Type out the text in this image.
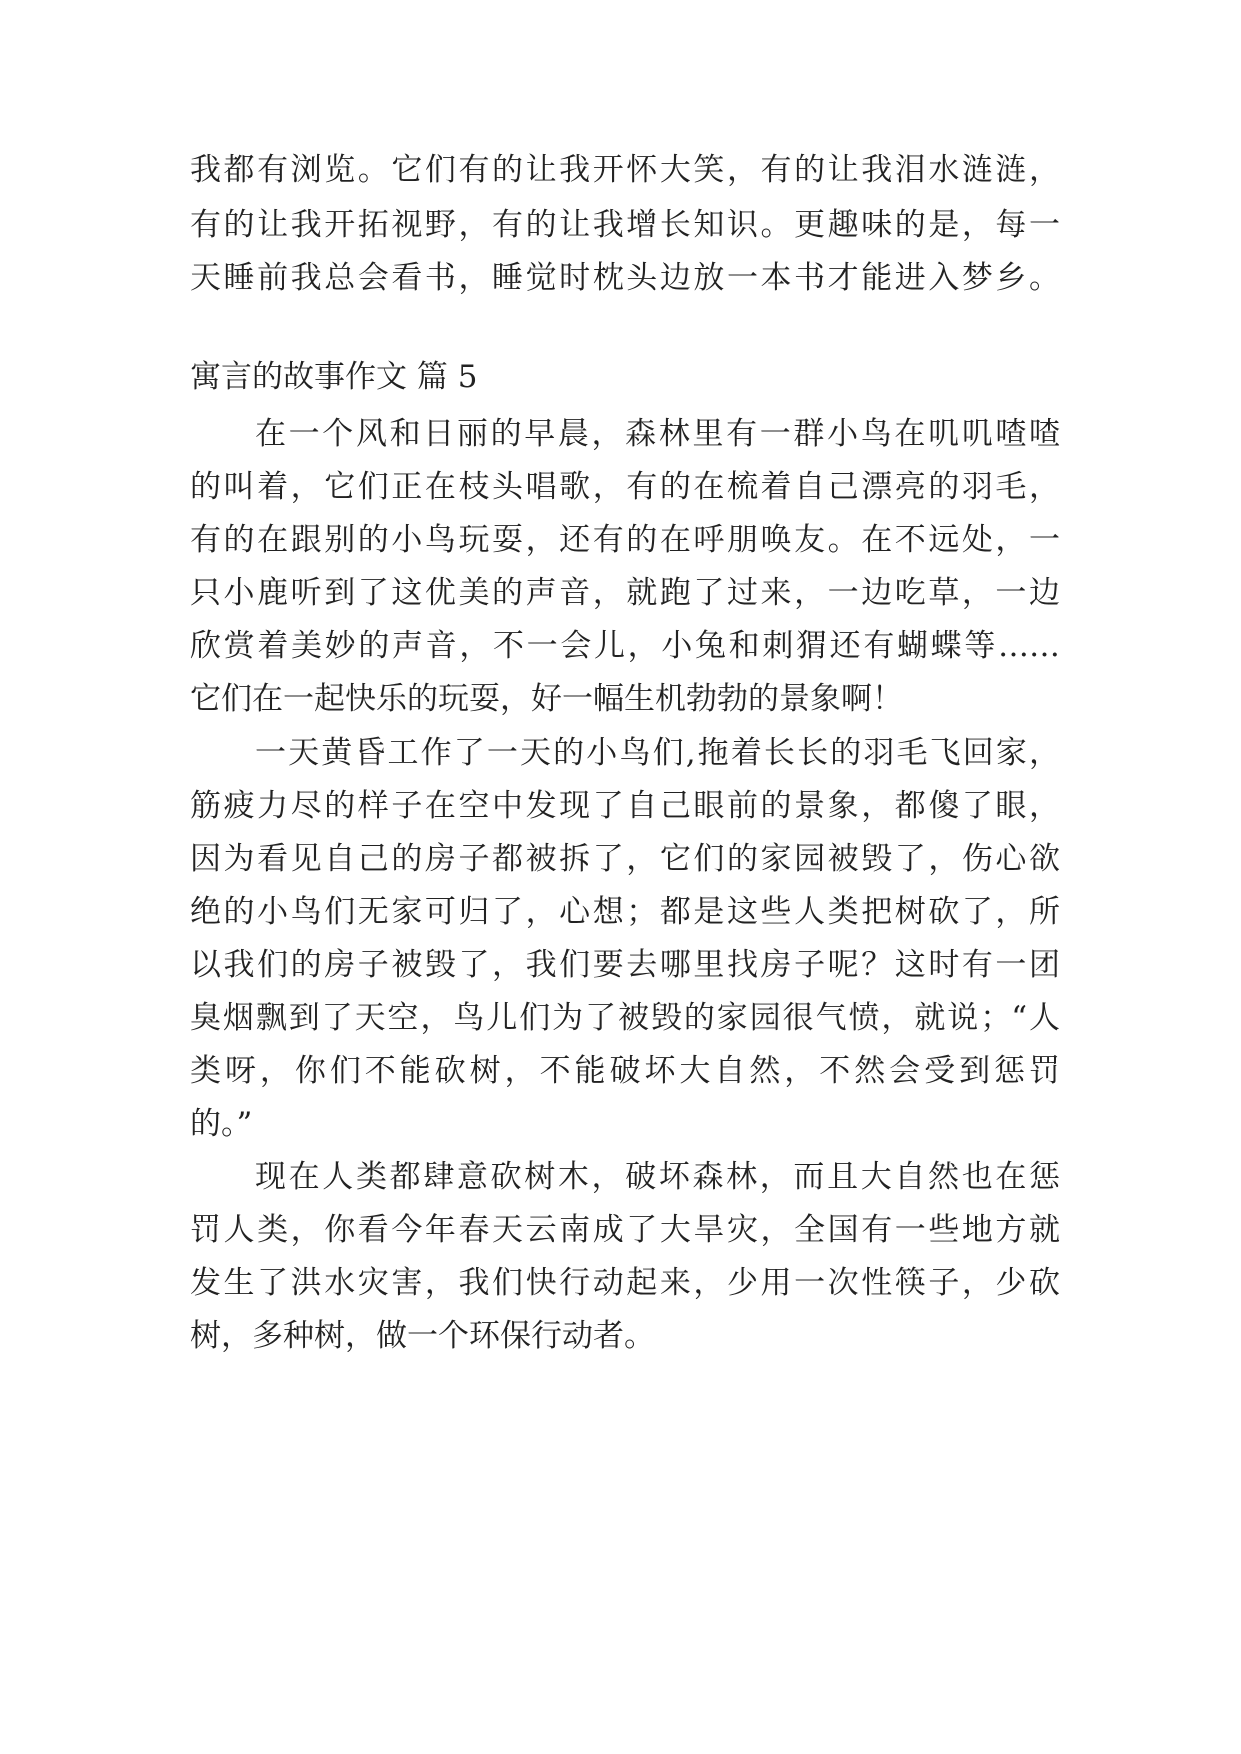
我都有浏览。它们有的让我开怀大笑，有的让我泪水涟涟，
有的让我开拓视野，有的让我增长知识。更趣味的是，每一
天睡前我总会看书，睡觉时枕头边放一本书才能进入梦乡。
寓言的故事作文 篇 5
在一个风和日丽的早晨，森林里有一群小鸟在叽叽喳喳
的叫着，它们正在枝头唱歌，有的在梳着自己漂亮的羽毛，
有的在跟别的小鸟玩耍，还有的在呼朋唤友。在不远处，一
只小鹿听到了这优美的声音，就跑了过来，一边吃草，一边
欣赏着美妙的声音，不一会儿，小兔和刺猬还有蝴蝶等……
它们在一起快乐的玩耍，好一幅生机勃勃的景象啊！
一天黄昏工作了一天的小鸟们,拖着长长的羽毛飞回家，
筋疲力尽的样子在空中发现了自己眼前的景象，都傻了眼，
因为看见自己的房子都被拆了，它们的家园被毁了，伤心欲
绝的小鸟们无家可归了，心想；都是这些人类把树砍了，所
以我们的房子被毁了，我们要去哪里找房子呢？这时有一团
臭烟飘到了天空，鸟儿们为了被毁的家园很气愤，就说；“人
类呀，你们不能砍树，不能破坏大自然，不然会受到惩罚
的。”
现在人类都肆意砍树木，破坏森林，而且大自然也在惩
罚人类，你看今年春天云南成了大旱灾，全国有一些地方就
发生了洪水灾害，我们快行动起来，少用一次性筷子，少砍
树，多种树，做一个环保行动者。
